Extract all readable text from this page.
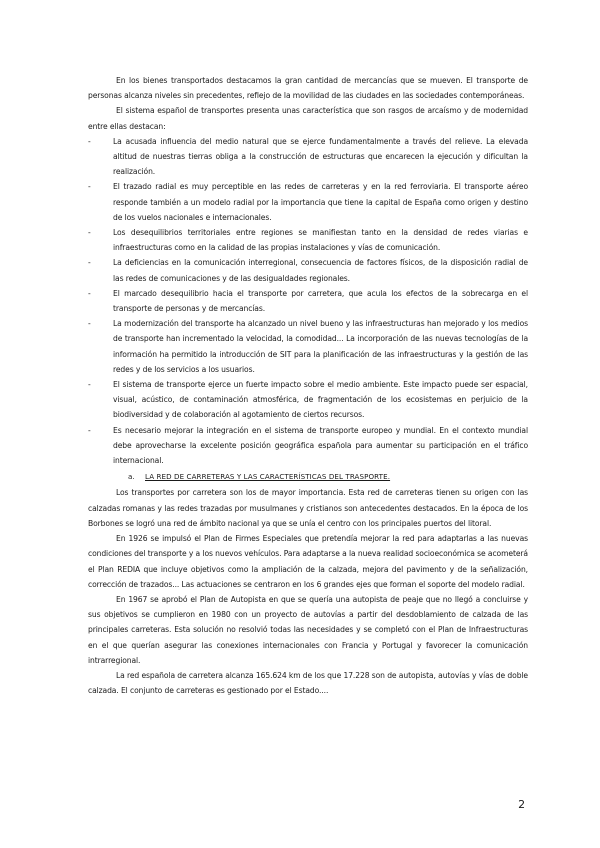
En los bienes transportados destacamos la gran cantidad de mercancías que se mueven. El transporte de personas alcanza niveles sin precedentes, reflejo de la movilidad de las ciudades en las sociedades contemporáneas.

El sistema español de transportes presenta unas característica que son rasgos de arcaísmo y de modernidad entre ellas destacan:

-	La acusada influencia del medio natural que se ejerce fundamentalmente a través del relieve. La elevada altitud de nuestras tierras obliga a la construcción de estructuras que encarecen la ejecución y dificultan la realización.
-	El trazado radial es muy perceptible en las redes de carreteras y en la red ferroviaria. El transporte aéreo responde también a un modelo radial por la importancia que tiene la capital de España como origen y destino de los vuelos nacionales e internacionales.
-	Los desequilibrios territoriales entre regiones se manifiestan tanto en la densidad de redes viarias e infraestructuras como en la calidad de las propias instalaciones y vías de comunicación.
-	La deficiencias en la comunicación interregional, consecuencia de factores físicos, de la disposición radial de las redes de comunicaciones y de las desigualdades regionales.
-	El marcado desequilibrio hacia el transporte por carretera, que acula los efectos de la sobrecarga en el transporte de personas y de mercancías.
-	La modernización del transporte ha alcanzado un nivel bueno y las infraestructuras han mejorado y los medios de transporte han incrementado la velocidad, la comodidad... La incorporación de las nuevas tecnologías de la información ha permitido la introducción de SIT para la planificación de las infraestructuras y la gestión de las redes y de los servicios a los usuarios.
-	El sistema de transporte ejerce un fuerte impacto sobre el medio ambiente. Este impacto puede ser espacial, visual, acústico, de contaminación atmosférica, de fragmentación de los ecosistemas en perjuicio de la biodiversidad y de colaboración al agotamiento de ciertos recursos.
-	Es necesario mejorar la integración en el sistema de transporte europeo y mundial. En el contexto mundial debe aprovecharse la excelente posición geográfica española para aumentar su participación en el tráfico internacional.
a. LA RED DE CARRETERAS Y LAS CARACTERÍSTICAS DEL TRASPORTE.

Los transportes por carretera son los de mayor importancia. Esta red de carreteras tienen su origen con las calzadas romanas y las redes trazadas por musulmanes y cristianos son antecedentes destacados. En la época de los Borbones se logró una red de ámbito nacional ya que se unía el centro con los principales puertos del litoral.

En 1926 se impulsó el Plan de Firmes Especiales que pretendía mejorar la red para adaptarlas a las nuevas condiciones del transporte y a los nuevos vehículos. Para adaptarse a la nueva realidad socioeconómica se acometerá el Plan REDIA que incluye objetivos como la ampliación de la calzada, mejora del pavimento y de la señalización, corrección de trazados... Las actuaciones se centraron en los 6 grandes ejes que forman el soporte del modelo radial.

En 1967 se aprobó el Plan de Autopista en que se quería una autopista de peaje que no llegó a concluirse y sus objetivos se cumplieron en 1980 con un proyecto de autovías a partir del desdoblamiento de calzada de las principales carreteras. Esta solución no resolvió todas las necesidades y se completó con el Plan de Infraestructuras en el que querían asegurar las conexiones internacionales con Francia y Portugal y favorecer la comunicación intrarregional.

La red española de carretera alcanza 165.624 km de los que 17.228 son de autopista, autovías y vías de doble calzada. El conjunto de carreteras es gestionado por el Estado....

2
